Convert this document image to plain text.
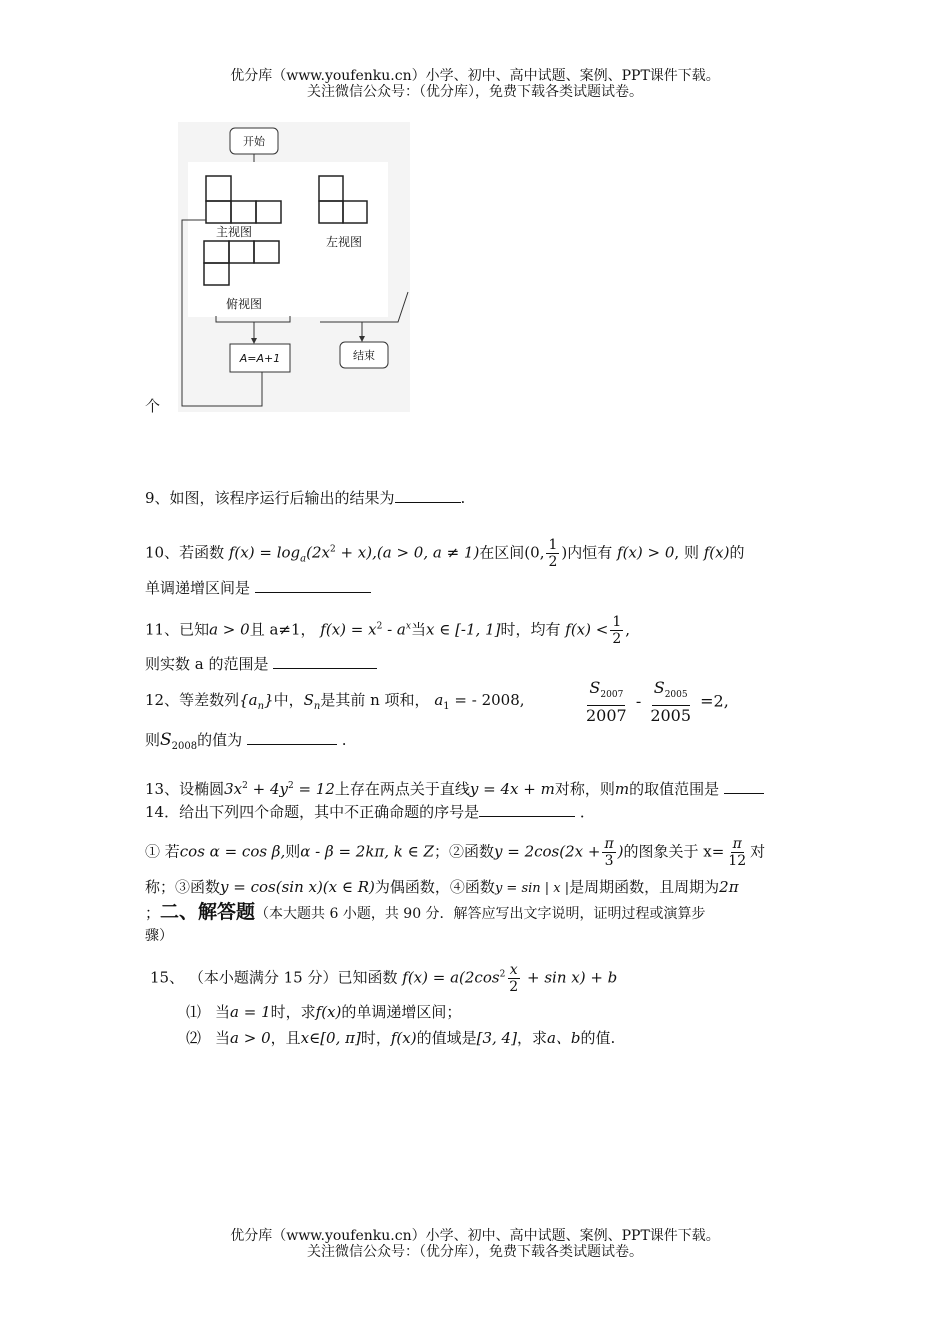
优分库（www.youfenku.cn）小学、初中、高中试题、案例、PPT课件下载。
关注微信公众号：（优分库），免费下载各类试题试卷。
开始
主视图
左视图
俯视图
A=A+1	结束
个
9、如图，该程序运行后输出的结果为	.
10、若函数 $f(x) = \log_a(2x^2 + x),(a > 0$, a ≠ 1)在区间(0, $\frac{1}{2}$ )内恒有 f(x) > 0, 则 f(x)的
单调递增区间是
11、已知a > 0且 a≠1， $f(x) = x^2 - a^x$当x ∈ [-1, 1]时，均有 $f(x) < \frac{1}{2}$ ,
则实数 a 的范围是
12、等差数列$\{a_n\}$中，$S_n$是其前 n 项和， $a_1$ = - 2008,	$\frac{S_{2007}}{2007} - \frac{S_{2005}}{2005} =2$,
则$S_{2008}$的值为	.
13、设椭圆$3x^2 + 4y^2 = 12$上存在两点关于直线y = 4x + m对称，则m的取值范围是
14．给出下列四个命题，其中不正确命题的序号是	．
① 若cos α = cos β,则α - β = 2kπ, k ∈ Z；②函数$y = 2\cos(2x + \frac{\pi}{3}$ )的图象关于 $x= \frac{\pi}{12}$ 对
称；③函数y = cos(sin x)(x ∈ R)为偶函数，④函数y = sin | x |是周期函数，且周期为2π
；二、解答题（本大题共 6 小题，共 90 分．解答应写出文字说明，证明过程或演算步
骤）
15、 （本小题满分 15 分）已知函数 $f(x) = a(2\cos^2 \frac{x}{2} + \sin x) + b$
⑴ 当a = 1时，求f(x)的单调递增区间；
⑵ 当a > 0，且x∈[0, π]时，f(x)的值域是[3, 4]，求a、b的值.
优分库（www.youfenku.cn）小学、初中、高中试题、案例、PPT课件下载。
关注微信公众号：（优分库），免费下载各类试题试卷。
